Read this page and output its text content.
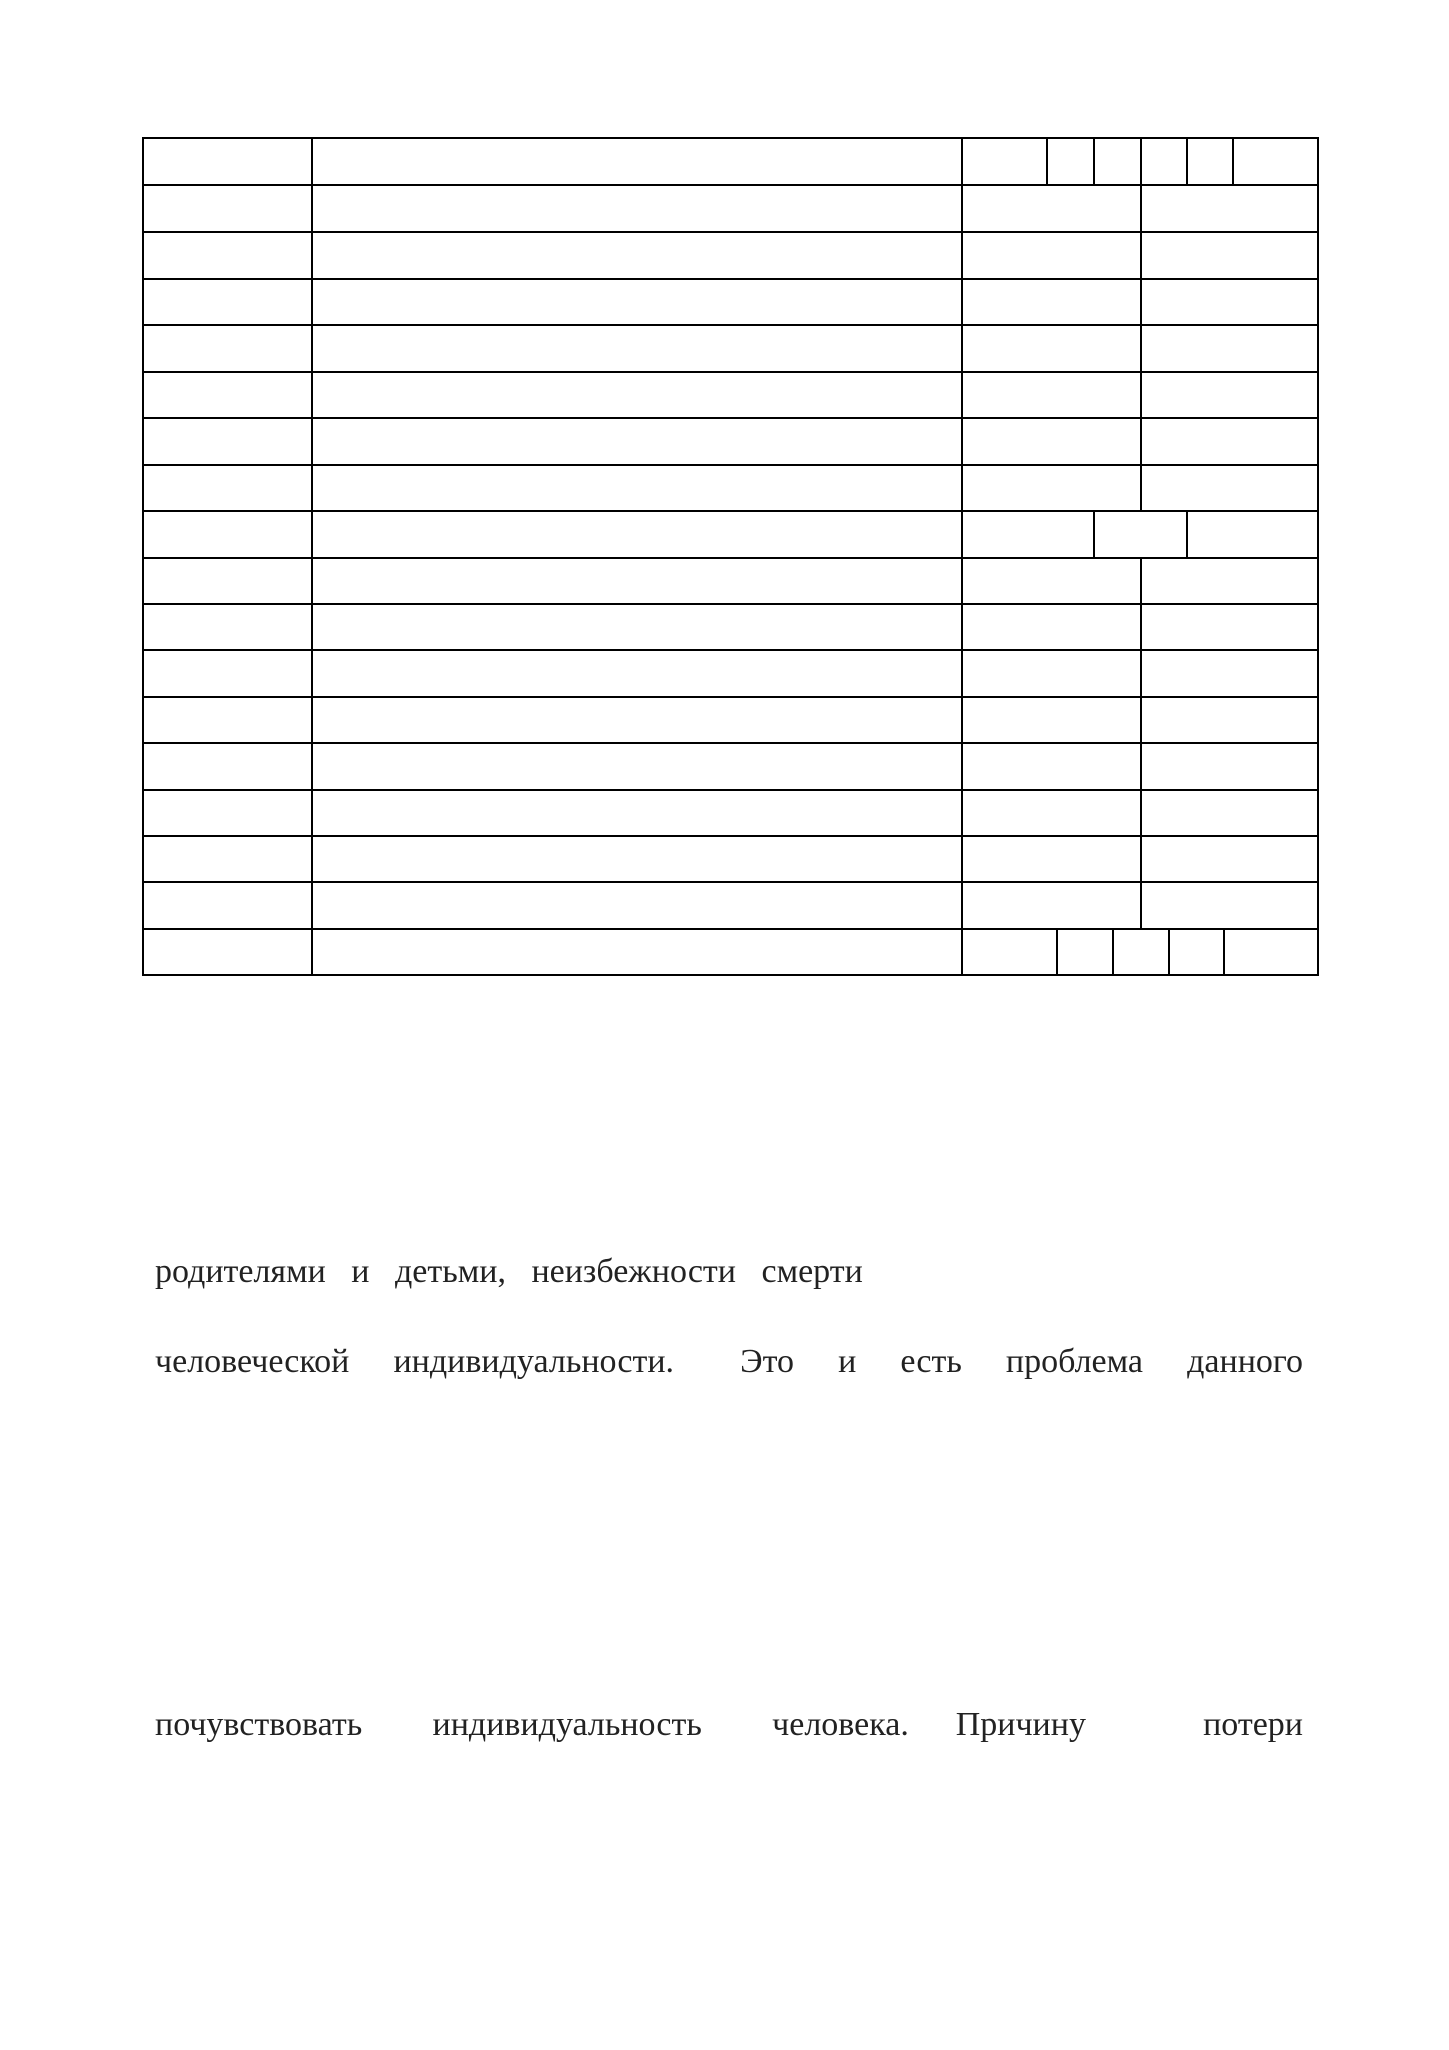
родителями   и   детьми,   неизбежности   смерти
человеческой  индивидуальности.   Это  и  есть  проблема  данного
почувствовать   индивидуальность   человека.  Причину     потери
